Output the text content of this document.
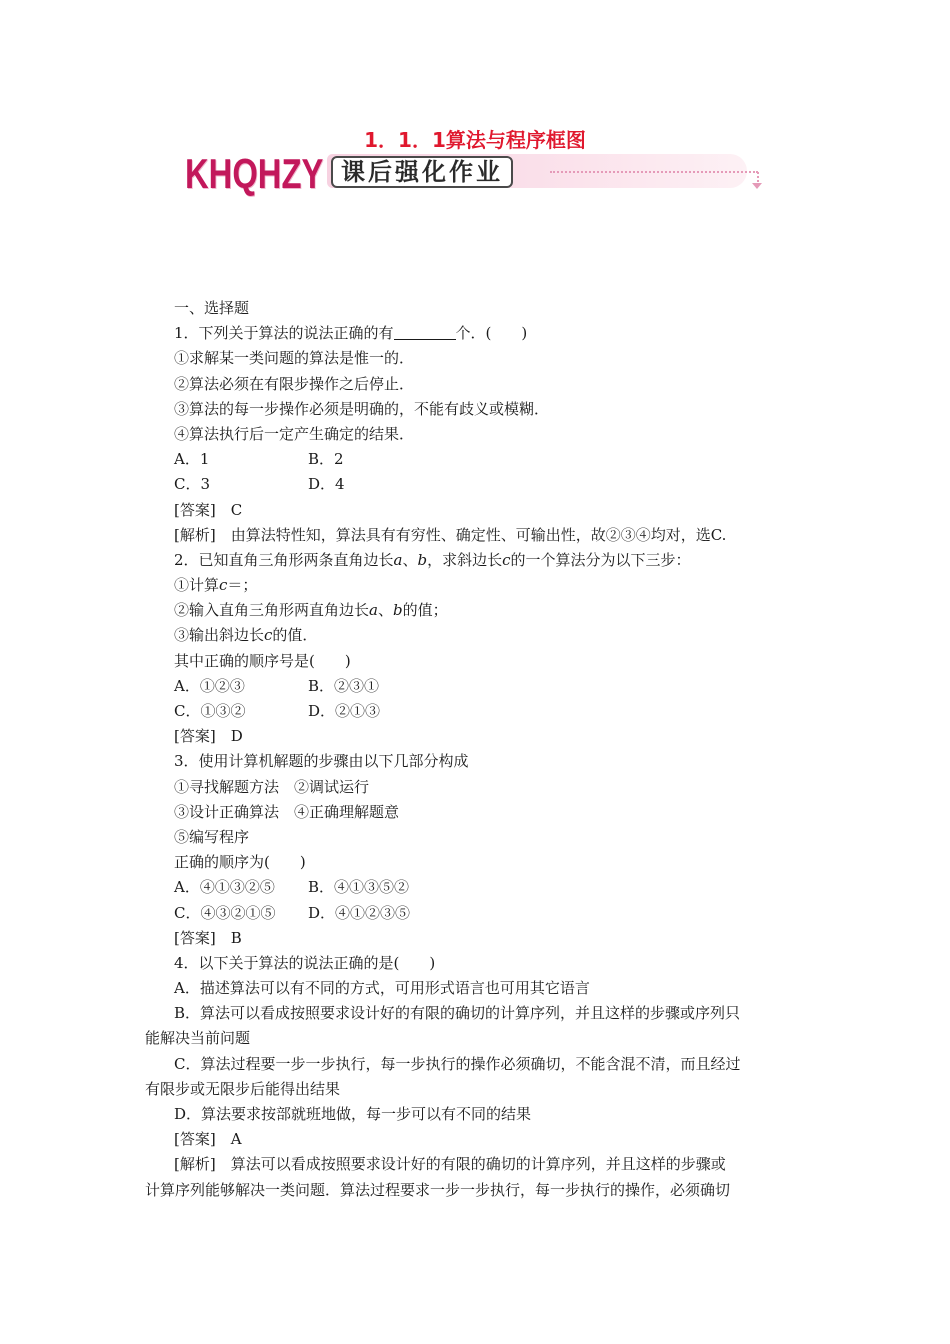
1．1．1算法与程序框图
KHQHZY 课后强化作业
一、选择题
1．下列关于算法的说法正确的有	个．(　　)
①求解某一类问题的算法是惟一的．
②算法必须在有限步操作之后停止．
③算法的每一步操作必须是明确的，不能有歧义或模糊．
④算法执行后一定产生确定的结果．
A．1	B．2
C．3	D．4
[答案]　C
[解析]　由算法特性知，算法具有有穷性、确定性、可输出性，故②③④均对，选C.
2．已知直角三角形两条直角边长a、b，求斜边长c的一个算法分为以下三步：
①计算c＝；
②输入直角三角形两直角边长a、b的值；
③输出斜边长c的值．
其中正确的顺序号是(　　)
A．①②③	B．②③①
C．①③②	D．②①③
[答案]　D
3．使用计算机解题的步骤由以下几部分构成
①寻找解题方法　②调试运行
③设计正确算法　④正确理解题意
⑤编写程序
正确的顺序为(　　)
A．④①③②⑤ B．④①③⑤②
C．④③②①⑤ D．④①②③⑤
[答案]　B
4．以下关于算法的说法正确的是(　　)
A．描述算法可以有不同的方式，可用形式语言也可用其它语言
B．算法可以看成按照要求设计好的有限的确切的计算序列，并且这样的步骤或序列只
能解决当前问题
C．算法过程要一步一步执行，每一步执行的操作必须确切，不能含混不清，而且经过
有限步或无限步后能得出结果
D．算法要求按部就班地做，每一步可以有不同的结果
[答案]　A
[解析]　算法可以看成按照要求设计好的有限的确切的计算序列，并且这样的步骤或
计算序列能够解决一类问题．算法过程要求一步一步执行，每一步执行的操作，必须确切
